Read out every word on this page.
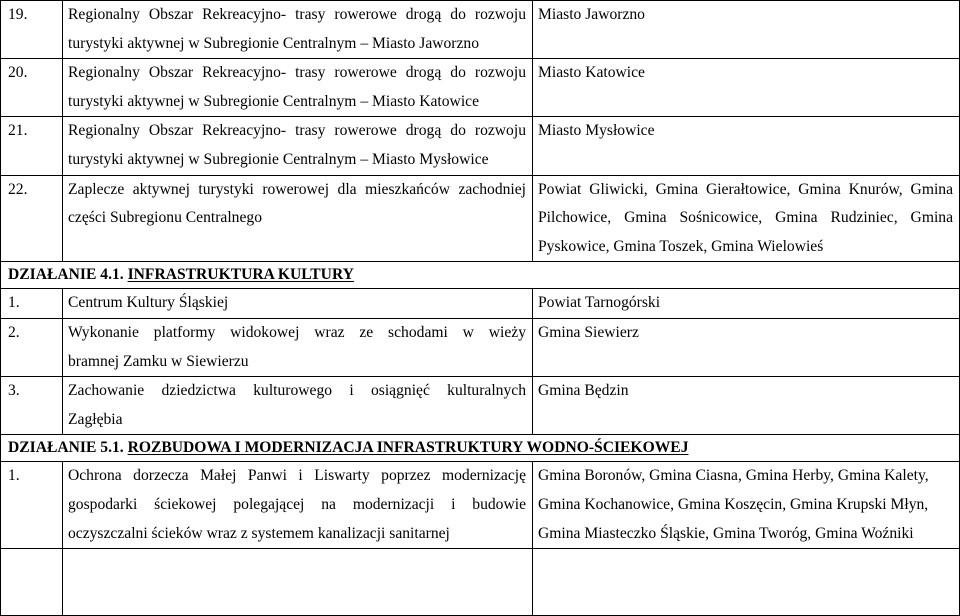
19.	Regionalny Obszar Rekreacyjno- trasy rowerowe drogą do rozwoju
turystyki aktywnej w Subregionie Centralnym – Miasto Jaworzno	Miasto Jaworzno
20.	Regionalny Obszar Rekreacyjno- trasy rowerowe drogą do rozwoju
turystyki aktywnej w Subregionie Centralnym – Miasto Katowice	Miasto Katowice
21.	Regionalny Obszar Rekreacyjno- trasy rowerowe drogą do rozwoju
turystyki aktywnej w Subregionie Centralnym – Miasto Mysłowice	Miasto Mysłowice
22.	Zaplecze aktywnej turystyki rowerowej dla mieszkańców zachodniej
części Subregionu Centralnego	Powiat Gliwicki, Gmina Gierałtowice, Gmina Knurów, Gmina
Pilchowice, Gmina Sośnicowice, Gmina Rudziniec, Gmina
Pyskowice, Gmina Toszek, Gmina Wielowieś

DZIAŁANIE 4.1. INFRASTRUKTURA KULTURY		
1.	Centrum Kultury Śląskiej	Powiat Tarnogórski
2.	Wykonanie platformy widokowej wraz ze schodami w wieży
bramnej Zamku w Siewierzu	Gmina Siewierz
3.	Zachowanie dziedzictwa kulturowego i osiągnięć kulturalnych
Zagłębia	Gmina Będzin
DZIAŁANIE 5.1. ROZBUDOWA I MODERNIZACJA INFRASTRUKTURY WODNO-ŚCIEKOWEJ		
1.	Ochrona dorzecza Małej Panwi i Liswarty poprzez modernizację
gospodarki ściekowej polegającej na modernizacji i budowie
oczyszczalni ścieków wraz z systemem kanalizacji sanitarnej	Gmina Boronów, Gmina Ciasna, Gmina Herby, Gmina Kalety,
Gmina Kochanowice, Gmina Koszęcin, Gmina Krupski Młyn,
Gmina Miasteczko Śląskie, Gmina Tworóg, Gmina Woźniki
